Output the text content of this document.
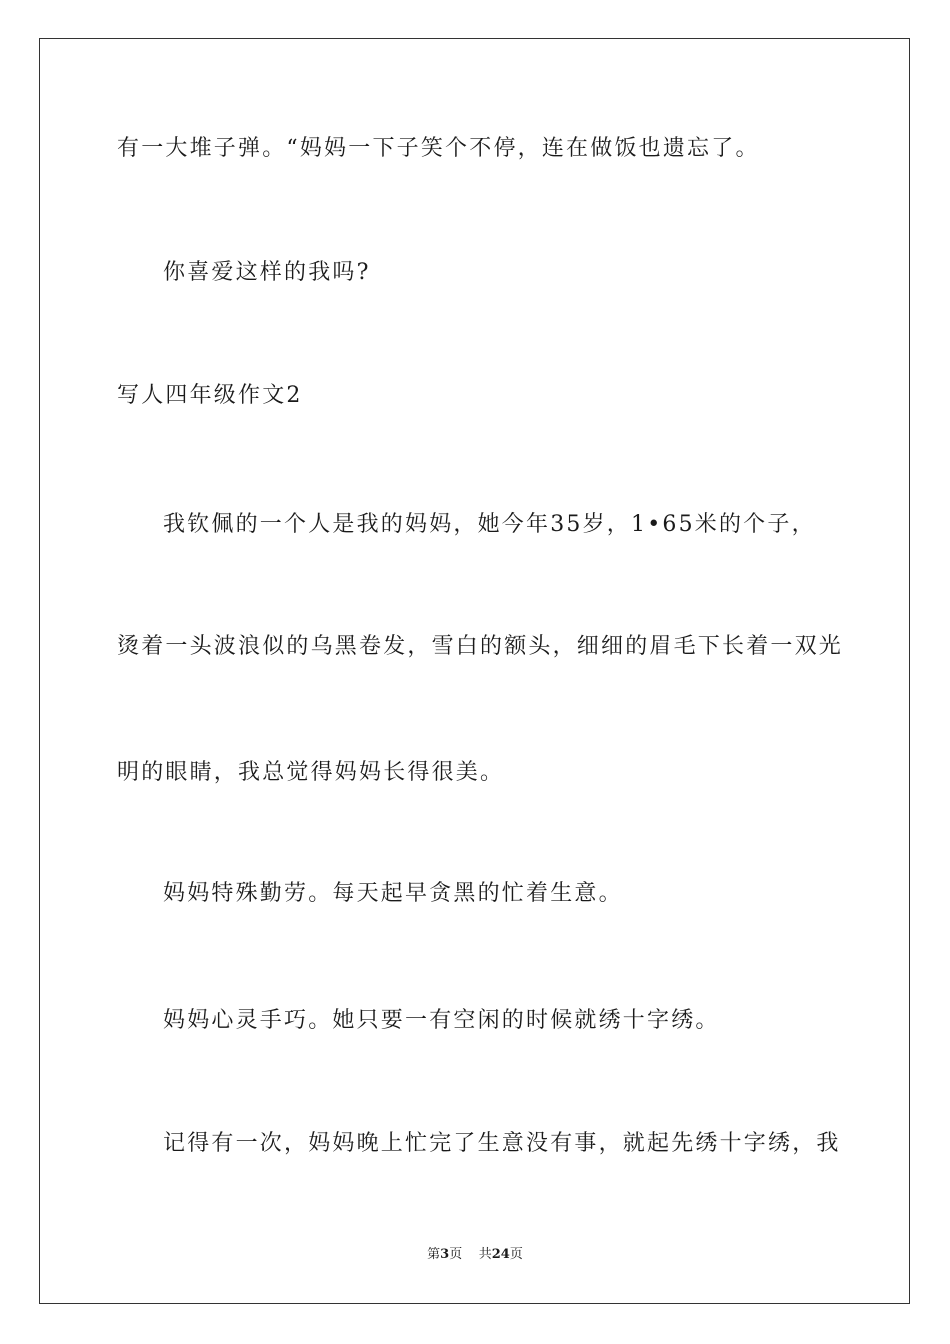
有一大堆子弹。“妈妈一下子笑个不停，连在做饭也遗忘了。
你喜爱这样的我吗?
写人四年级作文2
我钦佩的一个人是我的妈妈，她今年35岁，1•65米的个子，
烫着一头波浪似的乌黑卷发，雪白的额头，细细的眉毛下长着一双光
明的眼睛，我总觉得妈妈长得很美。
妈妈特殊勤劳。每天起早贪黑的忙着生意。
妈妈心灵手巧。她只要一有空闲的时候就绣十字绣。
记得有一次，妈妈晚上忙完了生意没有事，就起先绣十字绣，我
第3页 共24页
